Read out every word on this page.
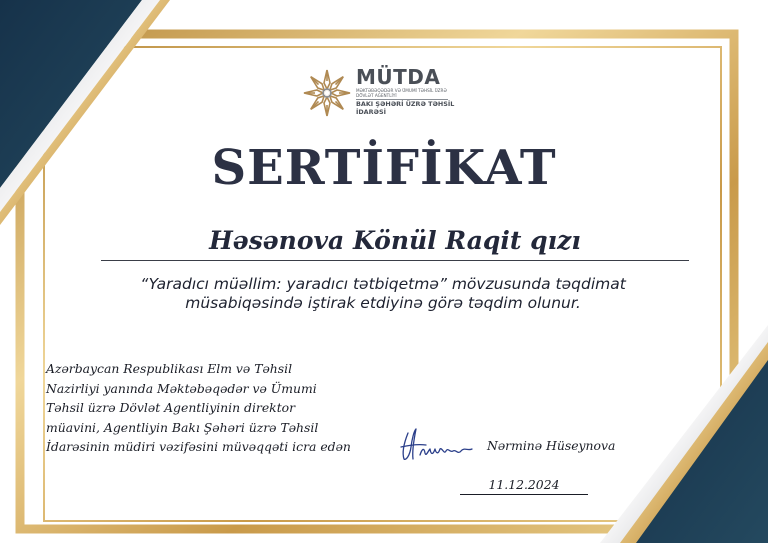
MÜTDA
MƏKTƏBƏQƏDƏR VƏ ÜMUMİ TƏHSİL ÜZRƏ DÖVLƏT AGENTLİYİ
BAKI ŞƏHƏRİ ÜZRƏ TƏHSİL İDARƏSİ
SERTİFİKAT
Həsənova Könül Raqit qızı
“Yaradıcı müəllim: yaradıcı tətbiqetmə” mövzusunda təqdimat müsabiqəsində iştirak etdiyinə görə təqdim olunur.
Azərbaycan Respublikası Elm və Təhsil
Nazirliyi yanında Məktəbəqədər və Ümumi
Təhsil üzrə Dövlət Agentliyinin direktor
müavini, Agentliyin Bakı Şəhəri üzrə Təhsil
İdarəsinin müdiri vəzifəsini müvəqqəti icra edən	Nərminə Hüseynova
11.12.2024
